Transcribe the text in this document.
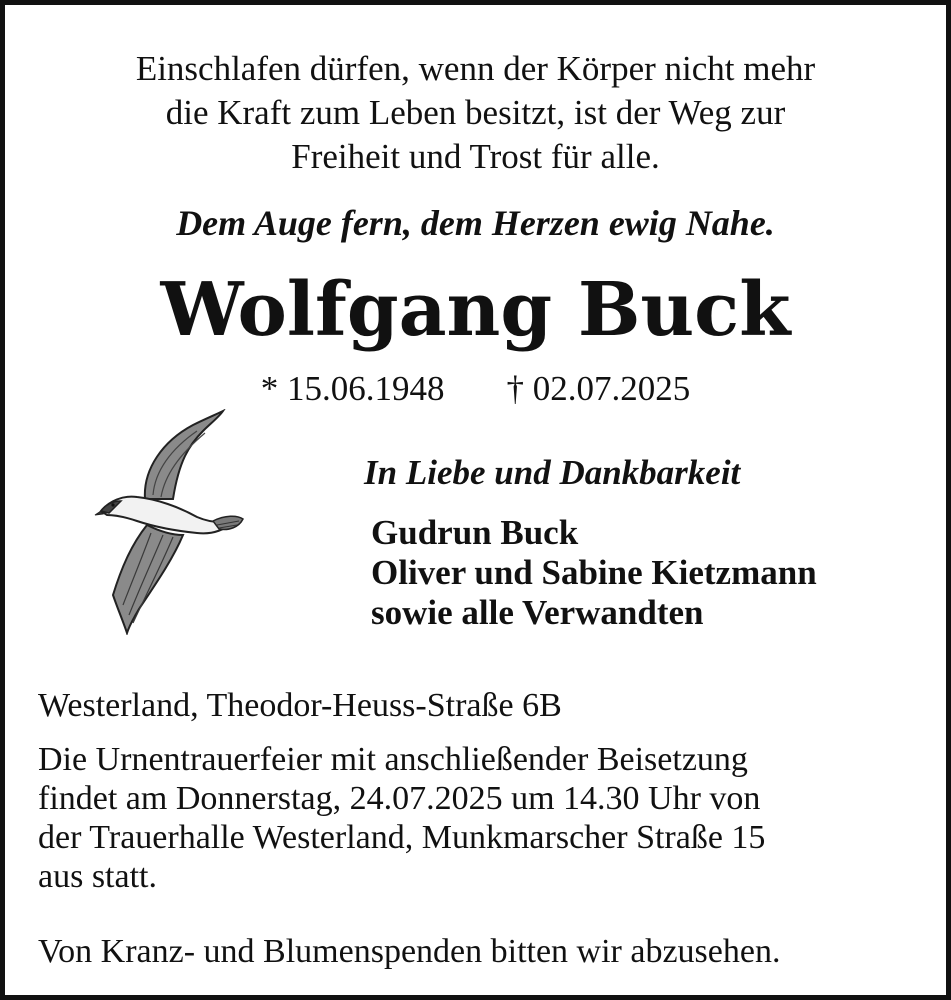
Einschlafen dürfen, wenn der Körper nicht mehr
die Kraft zum Leben besitzt, ist der Weg zur
Freiheit und Trost für alle.
Dem Auge fern, dem Herzen ewig Nahe.
Wolfgang Buck
* 15.06.1948 † 02.07.2025
In Liebe und Dankbarkeit
Gudrun Buck
Oliver und Sabine Kietzmann
sowie alle Verwandten
Westerland, Theodor-Heuss-Straße 6B
Die Urnentrauerfeier mit anschließender Beisetzung
findet am Donnerstag, 24.07.2025 um 14.30 Uhr von
der Trauerhalle Westerland, Munkmarscher Straße 15
aus statt.
Von Kranz- und Blumenspenden bitten wir abzusehen.
